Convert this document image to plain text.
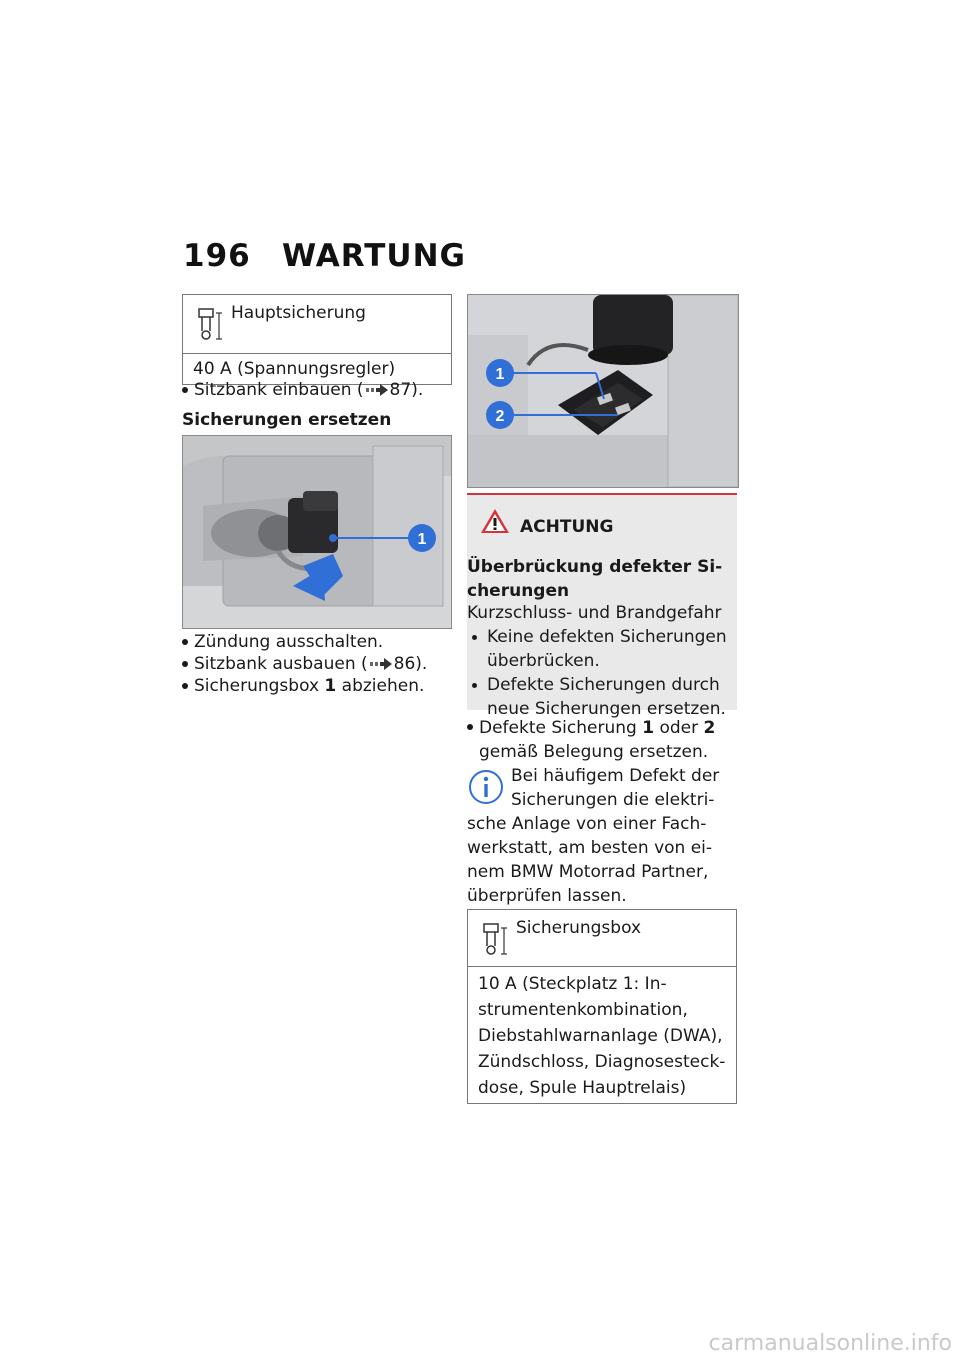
196 WARTUNG
Hauptsicherung
40 A (Spannungsregler)
Sitzbank einbauen ( 87).
Sicherungen ersetzen
1
Zündung ausschalten.
Sitzbank ausbauen ( 86).
Sicherungsbox 1 abziehen.
1
2
ACHTUNG
Überbrückung defekter Si-
cherungen
Kurzschluss- und Brandgefahr
Keine defekten Sicherungen
überbrücken.
Defekte Sicherungen durch
neue Sicherungen ersetzen.
Defekte Sicherung 1 oder 2
gemäß Belegung ersetzen.
Bei häufigem Defekt der
Sicherungen die elektri-
sche Anlage von einer Fach-
werkstatt, am besten von ei-
nem BMW Motorrad Partner,
überprüfen lassen.
Sicherungsbox
10 A (Steckplatz 1: In-
strumentenkombination,
Diebstahlwarnanlage (DWA),
Zündschloss, Diagnosesteck-
dose, Spule Hauptrelais)
carmanualsonline.info
